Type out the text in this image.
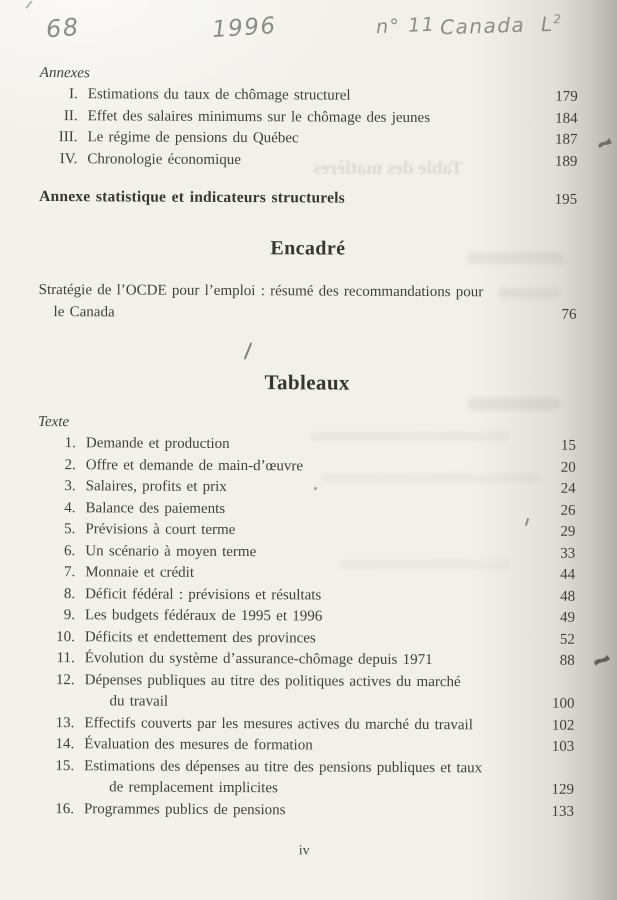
Table des matières
68	1996	n° 11 Canada $L^2$
Annexes
I. Estimations du taux de chômage structurel	179
II. Effet des salaires minimums sur le chômage des jeunes	184
III. Le régime de pensions du Québec	187
IV. Chronologie économique	189
Annexe statistique et indicateurs structurels	195
Encadré
Stratégie de l’OCDE pour l’emploi : résumé des recommandations pour
le Canada	76
Tableaux
Texte
1. Demande et production	15
2. Offre et demande de main-d’œuvre	20
3. Salaires, profits et prix	24
4. Balance des paiements	26
5. Prévisions à court terme	29
6. Un scénario à moyen terme	33
7. Monnaie et crédit	44
8. Déficit fédéral : prévisions et résultats	48
9. Les budgets fédéraux de 1995 et 1996	49
10. Déficits et endettement des provinces	52
11. Évolution du système d’assurance-chômage depuis 1971	88
12. Dépenses publiques au titre des politiques actives du marché
du travail	100
13. Effectifs couverts par les mesures actives du marché du travail	102
14. Évaluation des mesures de formation	103
15. Estimations des dépenses au titre des pensions publiques et taux
de remplacement implicites	129
16. Programmes publics de pensions	133
iv
